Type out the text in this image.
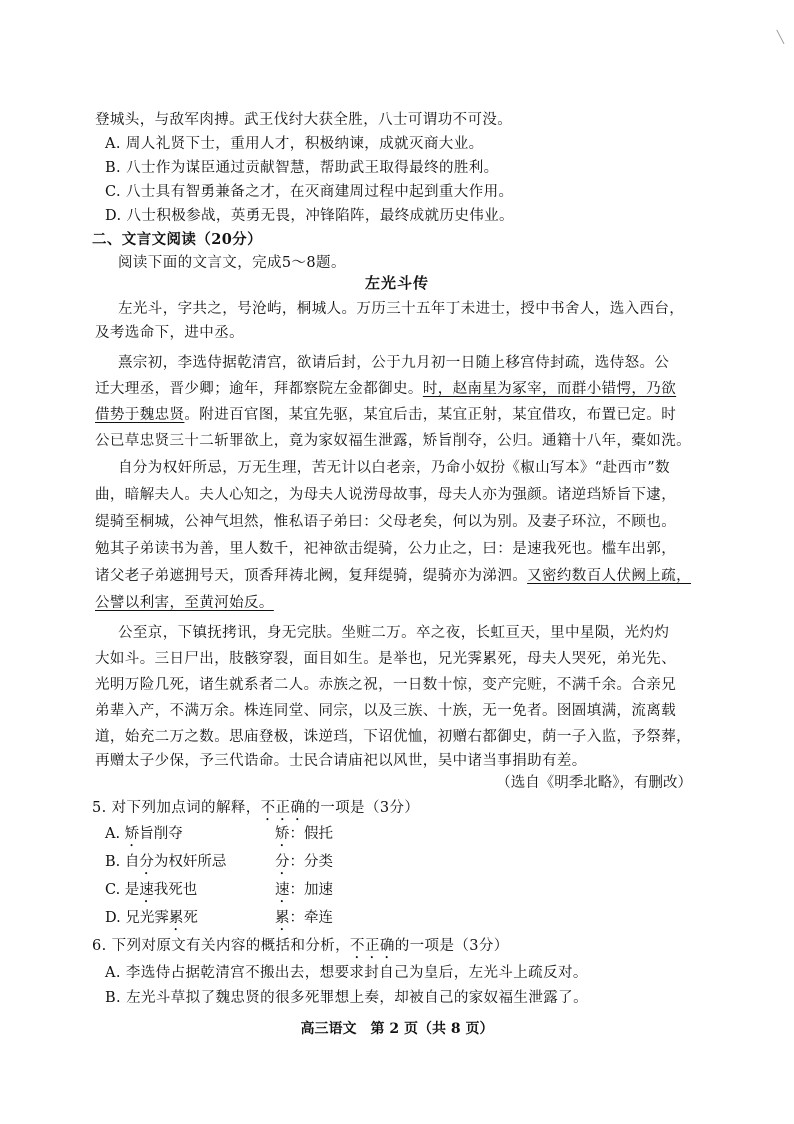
登城头，与敌军肉搏。武王伐纣大获全胜，八士可谓功不可没。
A. 周人礼贤下士，重用人才，积极纳谏，成就灭商大业。
B. 八士作为谋臣通过贡献智慧，帮助武王取得最终的胜利。
C. 八士具有智勇兼备之才，在灭商建周过程中起到重大作用。
D. 八士积极参战，英勇无畏，冲锋陷阵，最终成就历史伟业。
二、文言文阅读（20分）
阅读下面的文言文，完成5～8题。
左光斗传
左光斗，字共之，号沧屿，桐城人。万历三十五年丁未进士，授中书舍人，选入西台，
及考选命下，进中丞。
熹宗初，李选侍据乾清宫，欲请后封，公于九月初一日随上移宫侍封疏，选侍怒。公
迁大理丞，晋少卿；逾年，拜都察院左金都御史。时，赵南星为冢宰，而群小错愕，乃欲
借势于魏忠贤。附进百官图，某宜先驱，某宜后击，某宜正射，某宜借攻，布置已定。时
公已草忠贤三十二斩罪欲上，竟为家奴福生泄露，矫旨削夺，公归。通籍十八年，橐如洗。
自分为权奸所忌，万无生理，苦无计以白老亲，乃命小奴扮《椒山写本》“赴西市”数
曲，暗解夫人。夫人心知之，为母夫人说涝母故事，母夫人亦为强颜。诸逆珰矫旨下逮，
缇骑至桐城，公神气坦然，惟私语子弟曰：父母老矣，何以为别。及妻子环泣，不顾也。
勉其子弟读书为善，里人数千，祀神欲击缇骑，公力止之，曰：是速我死也。槛车出郭，
诸父老子弟遮拥号天，顶香拜祷北阙，复拜缇骑，缇骑亦为涕泗。又密约数百人伏阙上疏，
公譬以利害，至黄河始反。
公至京，下镇抚拷讯，身无完肤。坐赃二万。卒之夜，长虹亘天，里中星陨，光灼灼
大如斗。三日尸出，肢骸穿裂，面目如生。是举也，兄光霁累死，母夫人哭死，弟光先、
光明万险几死，诸生就系者二人。赤族之祝，一日数十惊，变产完赃，不满千余。合亲兄
弟辈入产，不满万余。株连同堂、同宗，以及三族、十族，无一免者。囹圄填满，流离载
道，始充二万之数。思庙登极，诛逆珰，下诏优恤，初赠右都御史，荫一子入监，予祭葬，
再赠太子少保，予三代诰命。士民合请庙祀以风世，吴中诸当事捐助有差。
（选自《明季北略》，有删改）
5. 对下列加点词的解释，不正确的一项是（3分）
A. 矫旨削夺	矫：假托
B. 自分为权奸所忌	分：分类
C. 是速我死也	速：加速
D. 兄光霁累死	累：牵连
6. 下列对原文有关内容的概括和分析，不正确的一项是（3分）
A. 李选侍占据乾清宫不搬出去，想要求封自己为皇后，左光斗上疏反对。
B. 左光斗草拟了魏忠贤的很多死罪想上奏，却被自己的家奴福生泄露了。
高三语文　第 2 页（共 8 页）
╲
